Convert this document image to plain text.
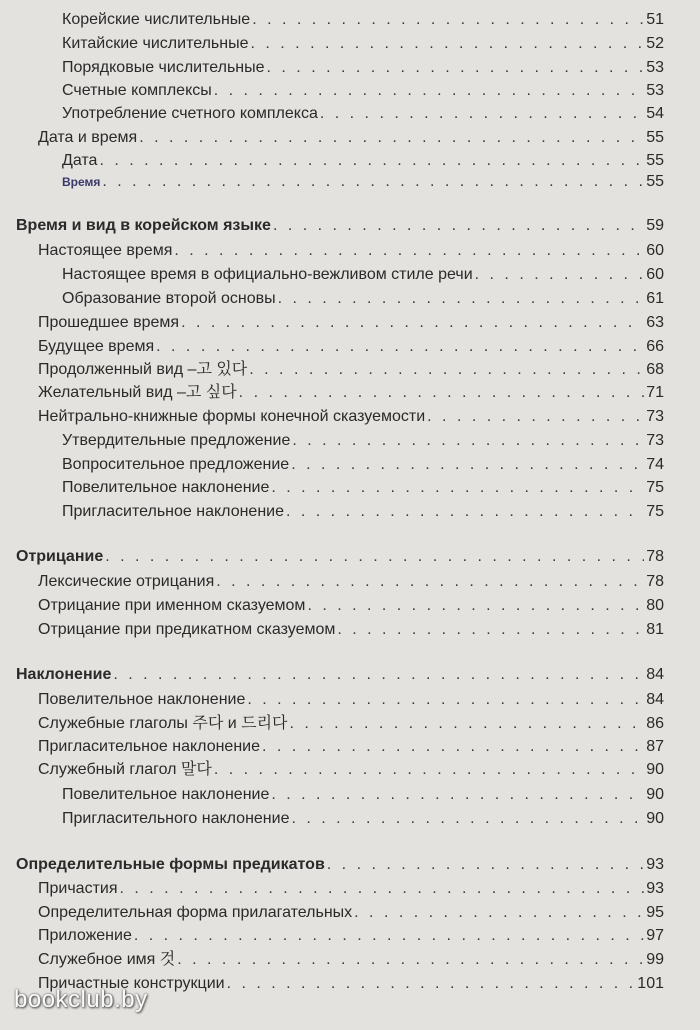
Корейские числительные . . .	51
Китайские числительные . . .	52
Порядковые числительные . . .	53
Счетные комплексы . . .	53
Употребление счетного комплекса . . .	54
Дата и время . . .	55
Дата . . .	55
Время . . .	55
Время и вид в корейском языке . . .	59
Настоящее время . . .	60
Настоящее время в официально-вежливом стиле речи . . .	60
Образование второй основы . . .	61
Прошедшее время . . .	63
Будущее время . . .	66
Продолженный вид –고 있다 . . .	68
Желательный вид –고 싶다 . . .	71
Нейтрально-книжные формы конечной сказуемости . . .	73
Утвердительные предложение . . .	73
Вопросительное предложение . . .	74
Повелительное наклонение . . .	75
Пригласительное наклонение . . .	75
Отрицание . . .	78
Лексические отрицания . . .	78
Отрицание при именном сказуемом . . .	80
Отрицание при предикатном сказуемом . . .	81
Наклонение . . .	84
Повелительное наклонение . . .	84
Служебные глаголы 주다 и 드리다 . . .	86
Пригласительное наклонение . . .	87
Служебный глагол 말다 . . .	90
Повелительное наклонение . . .	90
Пригласительного наклонение . . .	90
Определительные формы предикатов . . .	93
Причастия . . .	93
Определительная форма прилагательных . . .	95
Приложение . . .	97
Служебное имя 것 . . .	99
Причастные конструкции . . .	101
bookclub.by
